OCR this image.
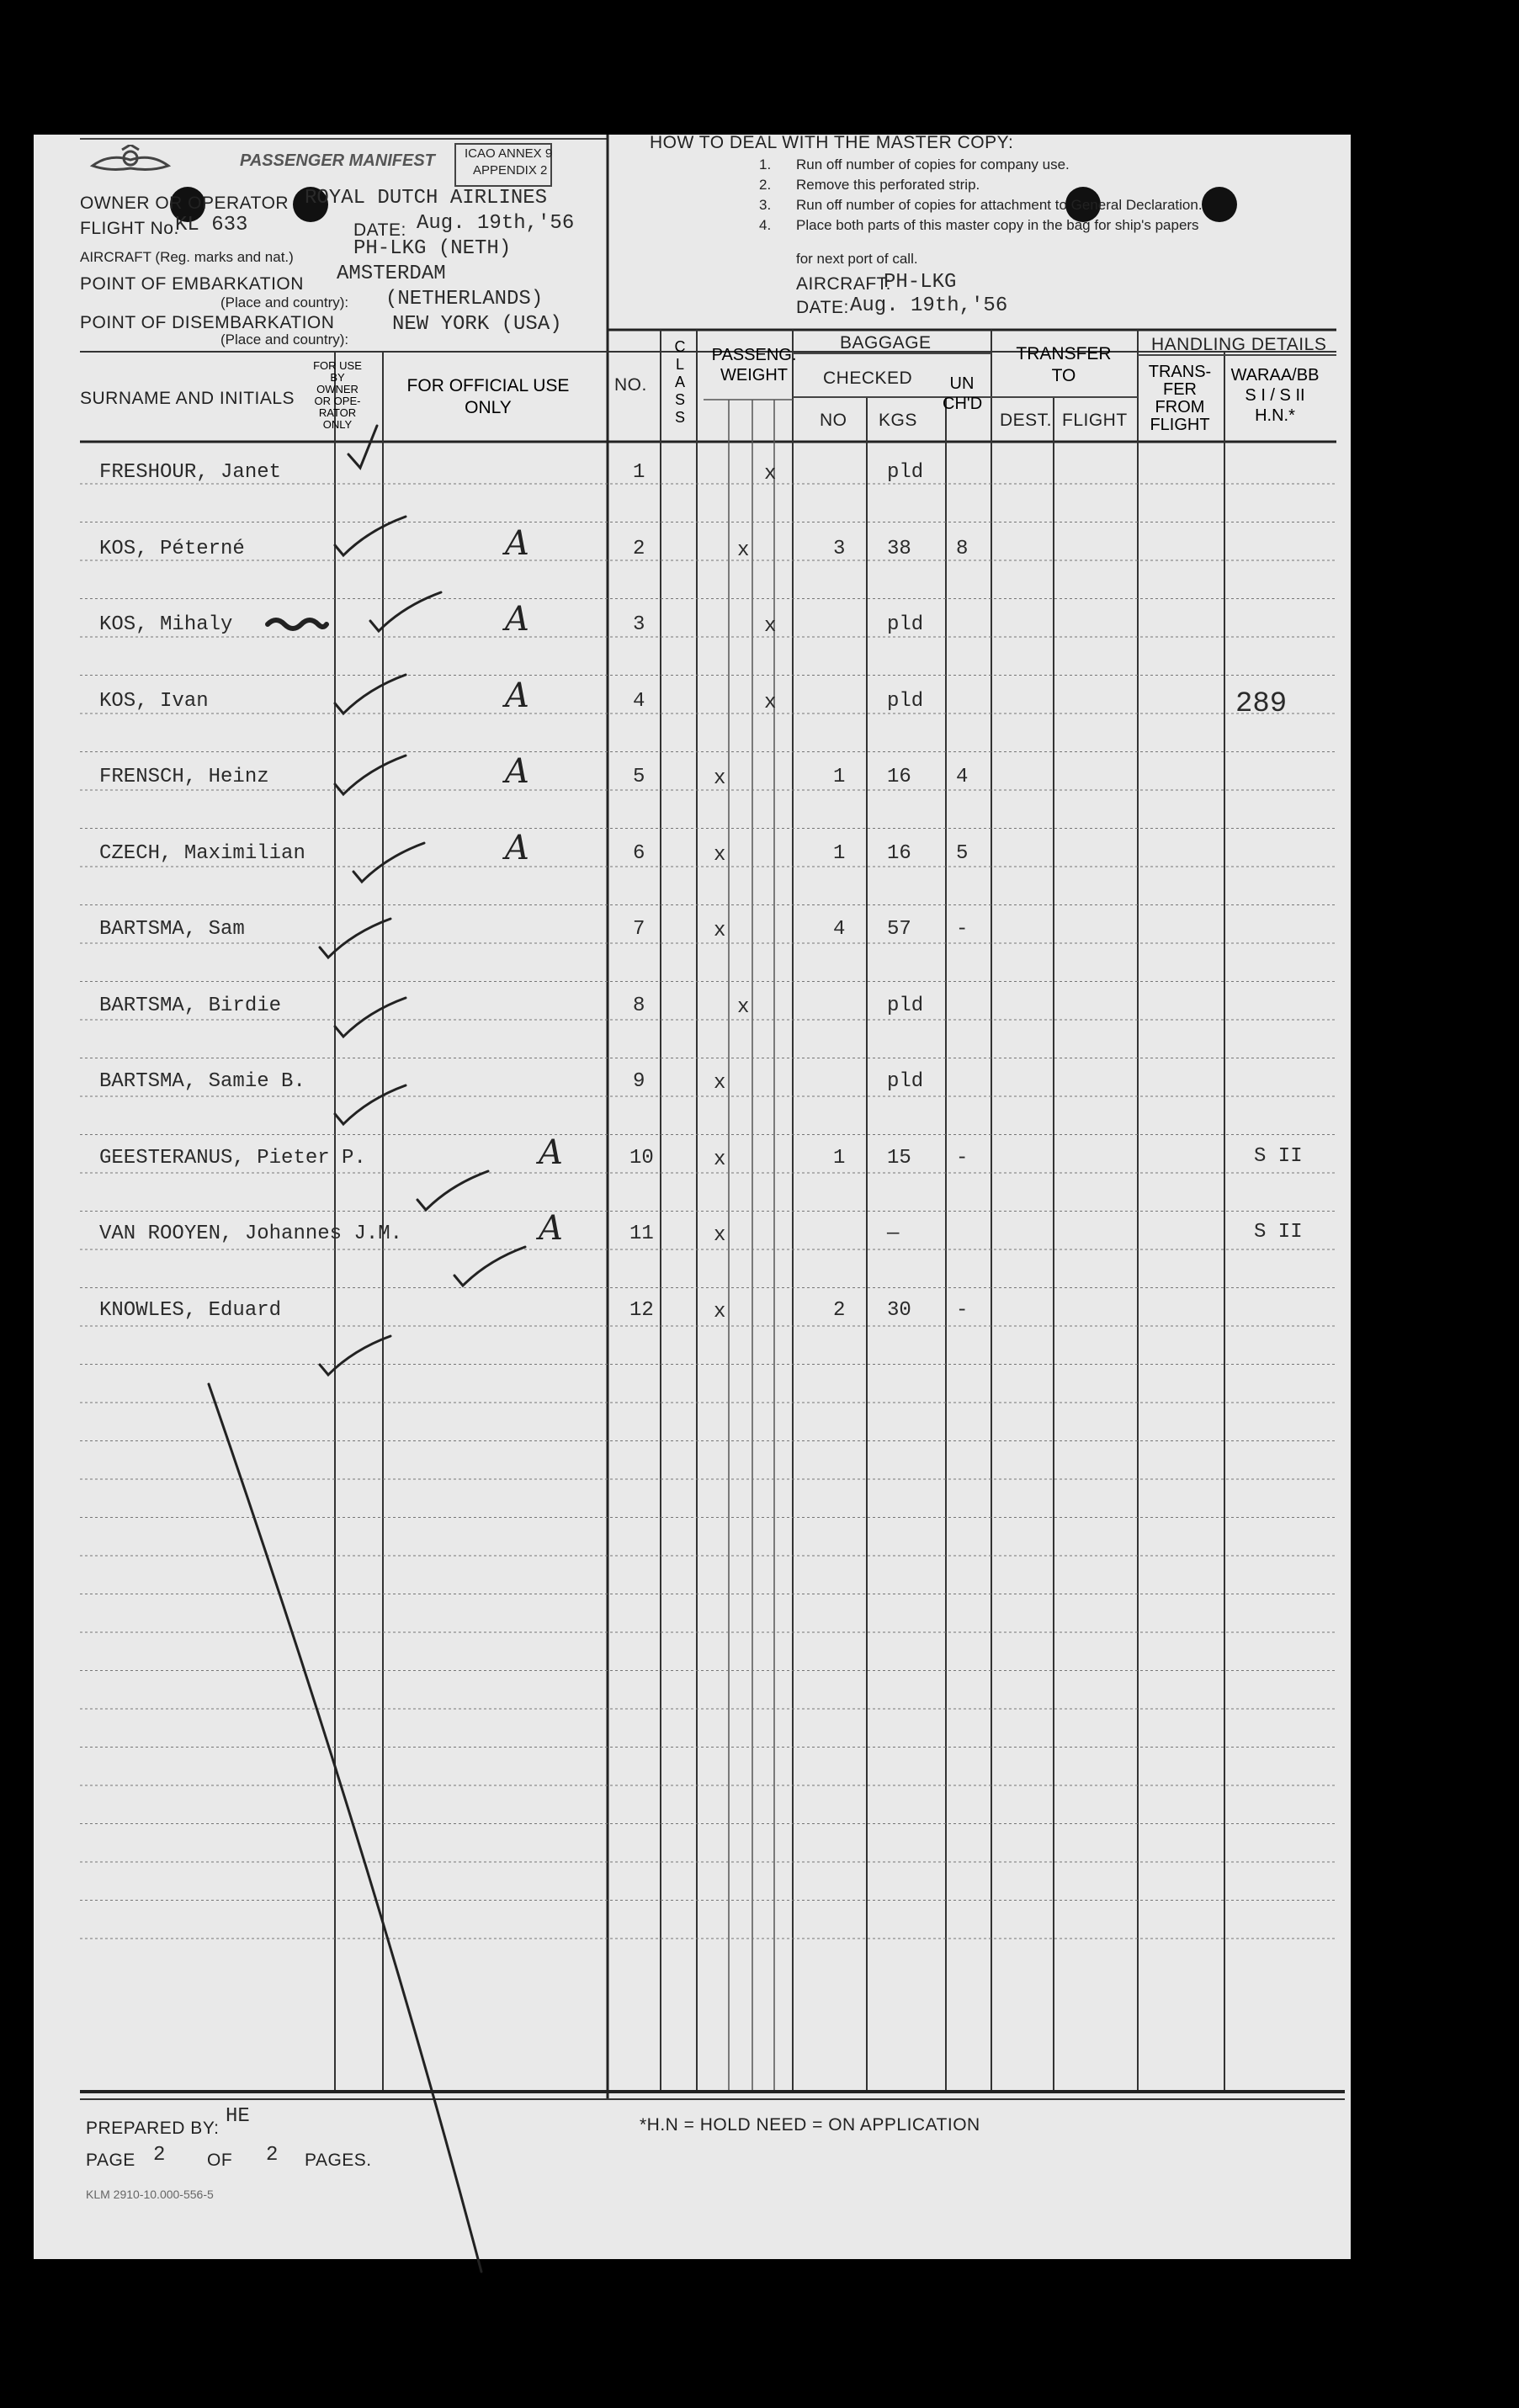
PASSENGER MANIFEST ICAO ANNEX 9
APPENDIX 2
OWNER OR OPERATOR ROYAL DUTCH AIRLINES
FLIGHT No.
KL 633	DATE: Aug. 19th,'56
AIRCRAFT (Reg. marks and nat.)	PH-LKG (NETH)
POINT OF EMBARKATION AMSTERDAM
(Place and country): (NETHERLANDS)
POINT OF DISEMBARKATION
(Place and country):
NEW YORK (USA)
HOW TO DEAL WITH THE MASTER COPY:
1. Run off number of copies for company use.
2. Remove this perforated strip.
3. Run off number of copies for attachment to General Declaration.
4. Place both parts of this master copy in the bag for ship's papers
for next port of call.
AIRCRAFT:
PH-LKG
DATE: Aug. 19th,'56
SURNAME AND INITIALS
FOR USE
BY
OWNER
OR OPE-
RATOR
ONLY
FOR OFFICIAL USE
ONLY
NO.
C
L
A
S
S
PASSENG.
WEIGHT
BAGGAGE
CHECKED	UN
CH'D
NO KGS
TRANSFER
TO
DEST. FLIGHT
HANDLING DETAILS
TRANS-
FER
FROM
FLIGHT
WARAA/BB
S I / S II
H.N.*
FRESHOUR, Janet	1	x	pld
KOS, Péterné	A	2	x	3 38 8
KOS, Mihaly	A	3	x	pld
KOS, Ivan	A	4	x	pld	289
FRENSCH, Heinz	A	5	x	1 16 4
CZECH, Maximilian	A	6	x	1 16 5
BARTSMA, Sam	7	x	4 57 -
BARTSMA, Birdie	8	x	pld
BARTSMA, Samie B.	9	x	pld
GEESTERANUS, Pieter P.	A	10	x	1 15 -	S II
VAN ROOYEN, Johannes J.M.	A	11	x	—	S II
KNOWLES, Eduard	12	x	2 30 -
PREPARED BY:
HE
PAGE 2 OF 2 PAGES.
KLM 2910-10.000-556-5
*H.N = HOLD NEED = ON APPLICATION
